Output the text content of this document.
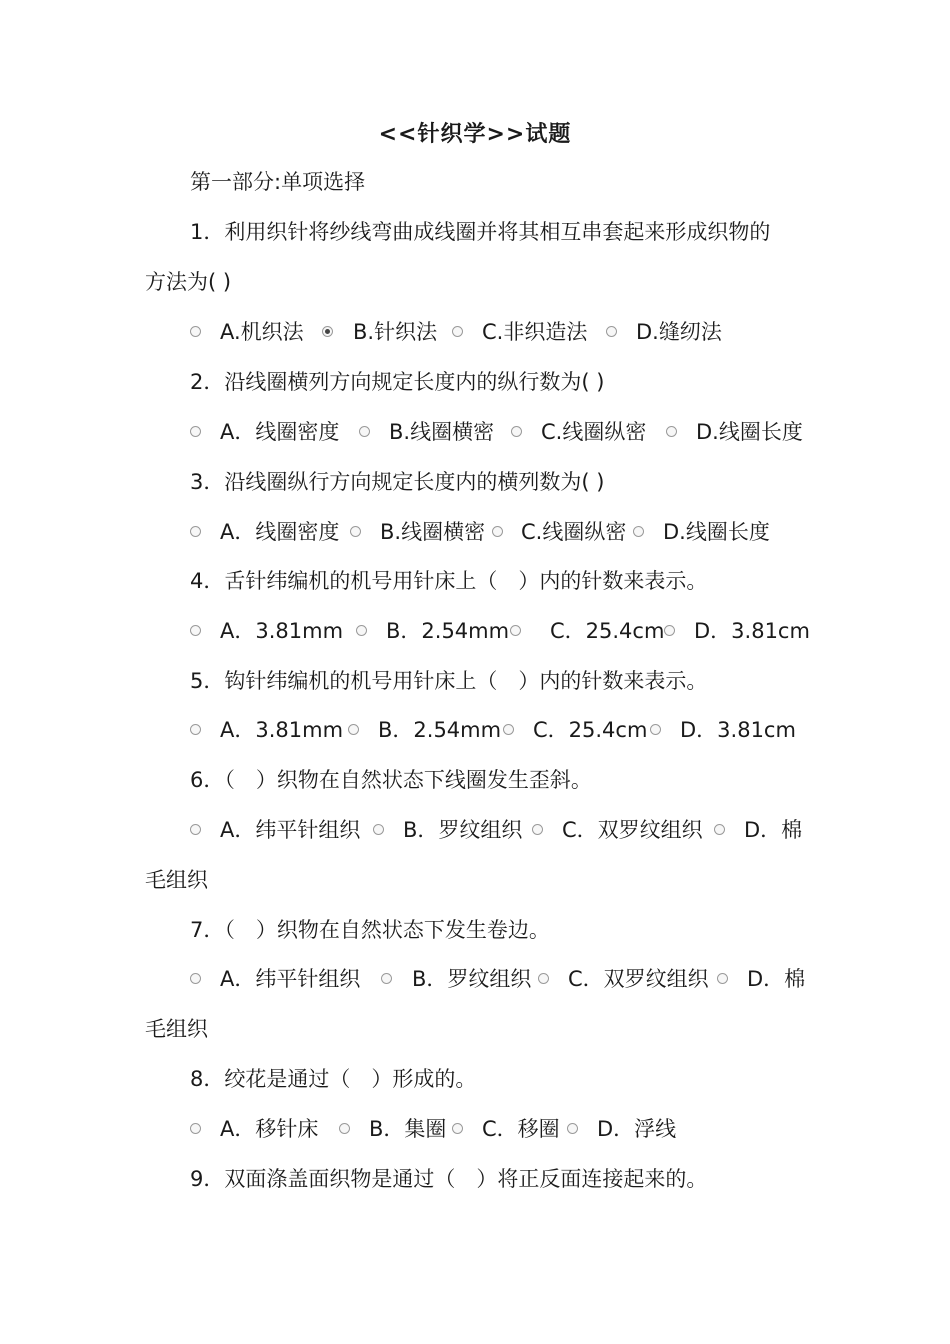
<<针织学>>试题
第一部分:单项选择
1．利用织针将纱线弯曲成线圈并将其相互串套起来形成织物的
方法为( )
A.机织法 B.针织法 C.非织造法 D.缝纫法
2．沿线圈横列方向规定长度内的纵行数为( )
A．线圈密度 B.线圈横密 C.线圈纵密 D.线圈长度
3．沿线圈纵行方向规定长度内的横列数为( )
A．线圈密度 B.线圈横密 C.线圈纵密 D.线圈长度
4．舌针纬编机的机号用针床上（　）内的针数来表示。
A．3.81mm B．2.54mm C．25.4cm D．3.81cm
5．钩针纬编机的机号用针床上（　）内的针数来表示。
A．3.81mm B．2.54mm C．25.4cm D．3.81cm
6．（　）织物在自然状态下线圈发生歪斜。
A．纬平针组织 B．罗纹组织 C．双罗纹组织 D．棉
毛组织
7．（　）织物在自然状态下发生卷边。
A．纬平针组织 B．罗纹组织 C．双罗纹组织 D．棉
毛组织
8．绞花是通过（　）形成的。
A．移针床 B．集圈 C．移圈 D．浮线
9．双面涤盖面织物是通过（　）将正反面连接起来的。
